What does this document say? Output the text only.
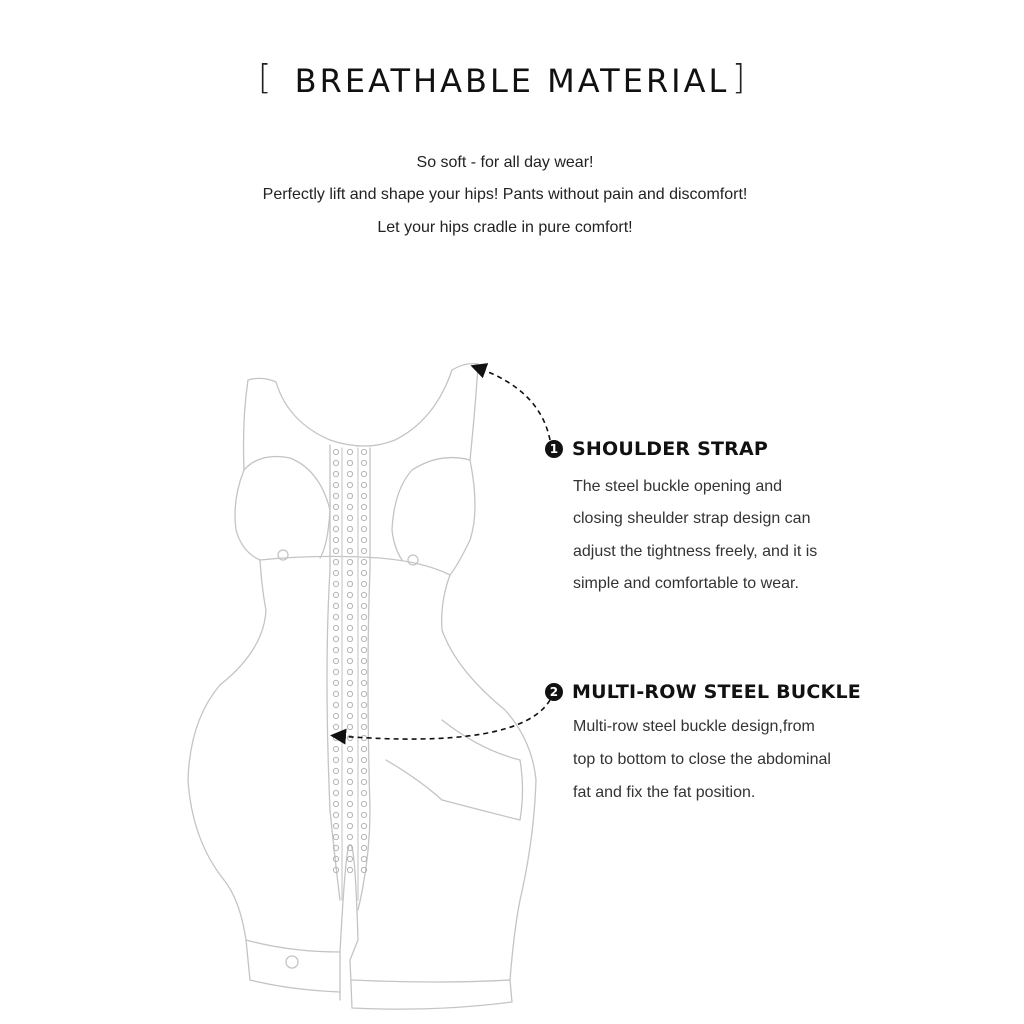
[ BREATHABLE MATERIAL ]
So soft - for all day wear!
Perfectly lift and shape your hips! Pants without pain and discomfort!
Let your hips cradle in pure comfort!
1 SHOULDER STRAP
The steel buckle opening and
closing sheulder strap design can
adjust the tightness freely, and it is
simple and comfortable to wear.
2 MULTI-ROW STEEL BUCKLE
Multi-row steel buckle design,from
top to bottom to close the abdominal
fat and fix the fat position.
